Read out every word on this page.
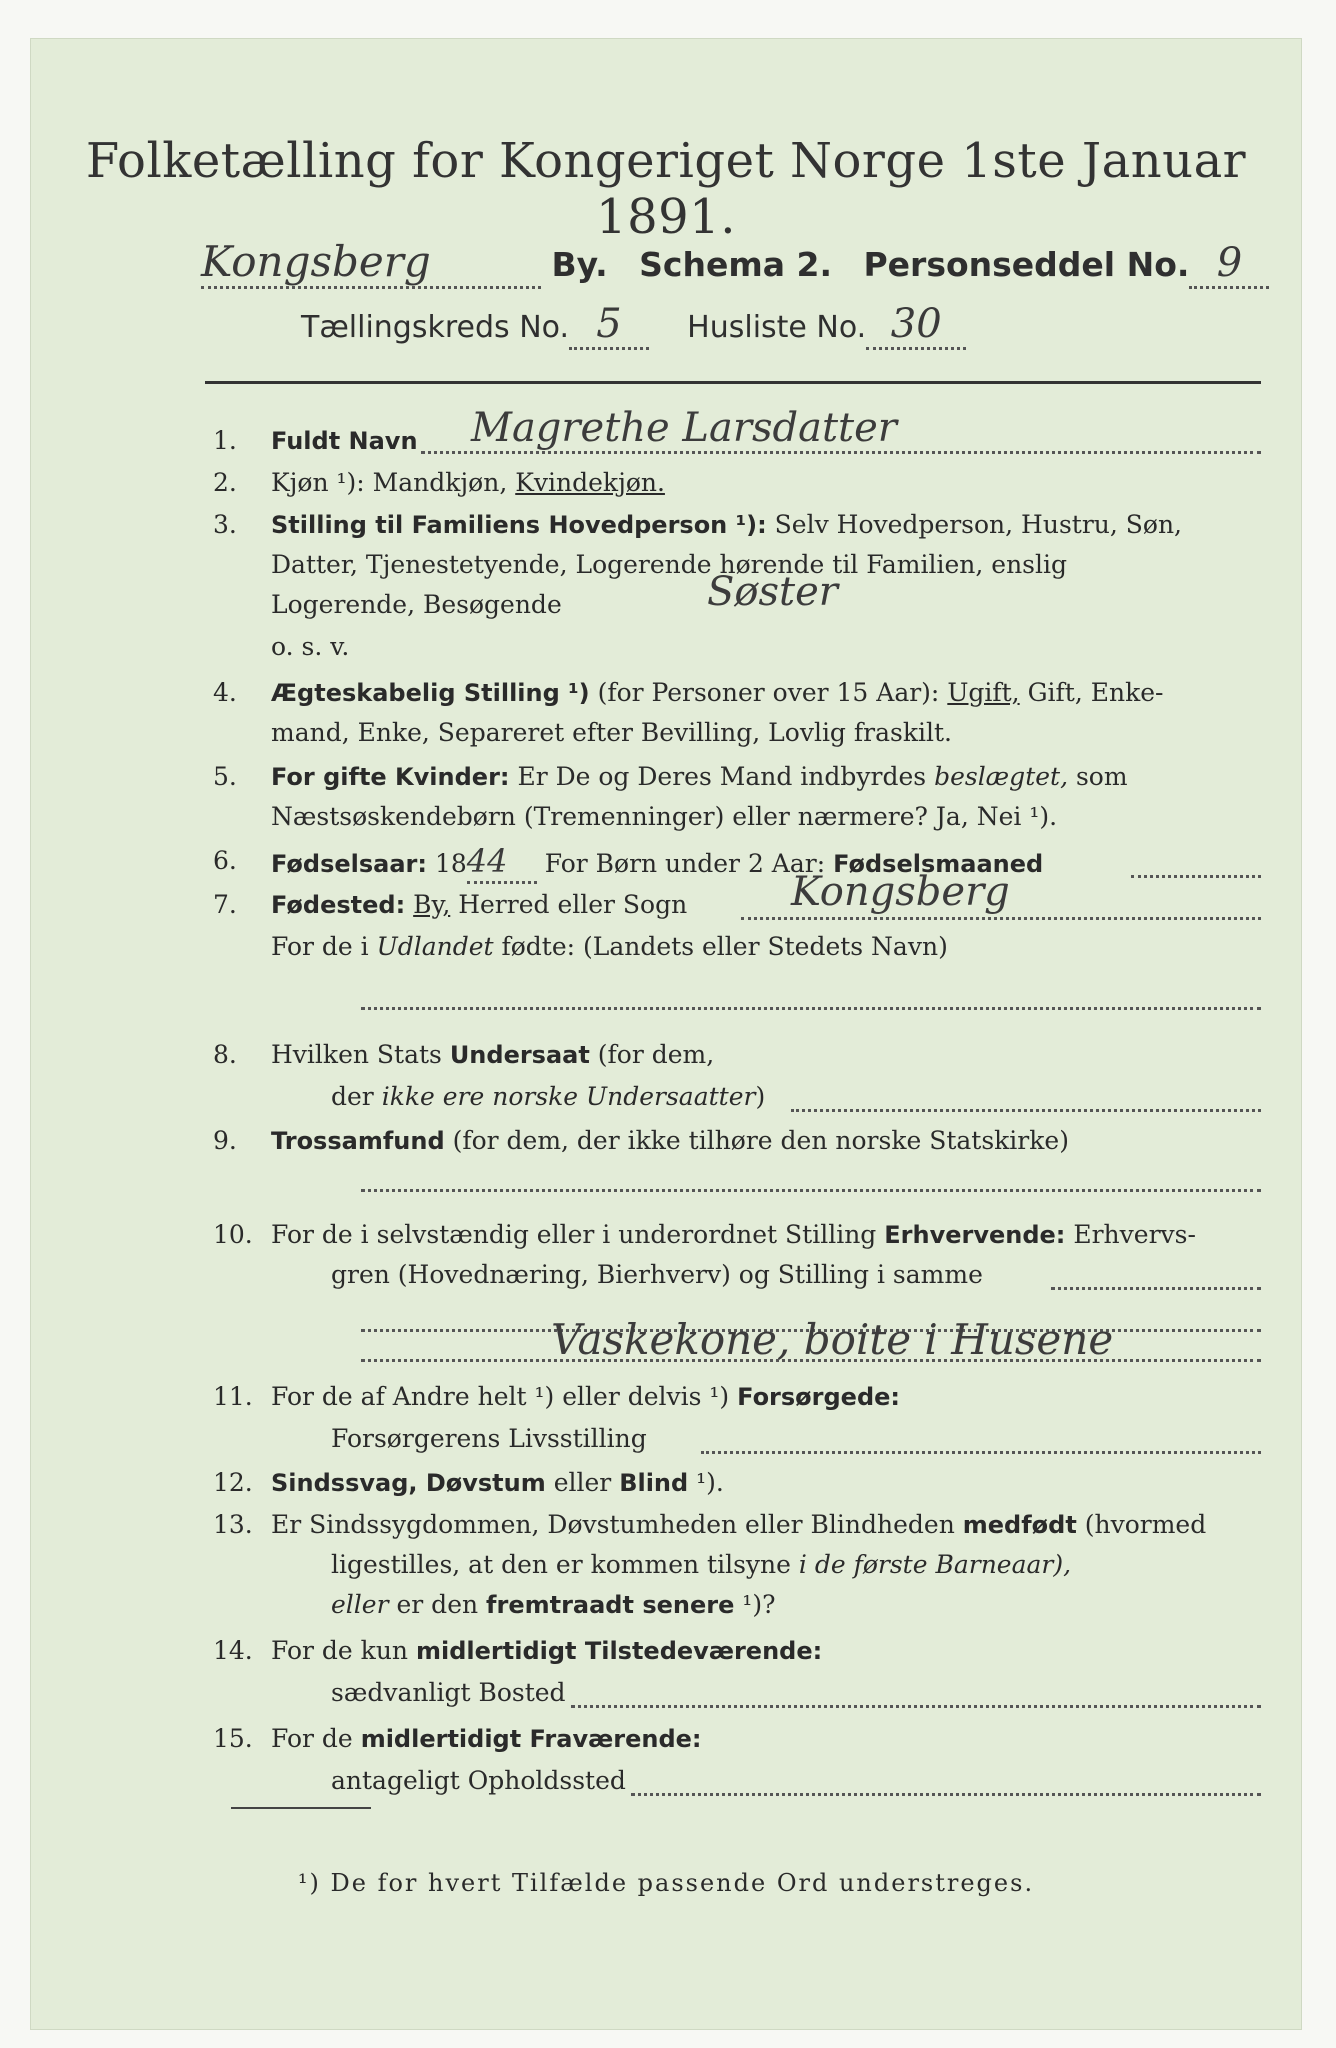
Folketælling for Kongeriget Norge 1ste Januar 1891.
Kongsberg	By. Schema 2. Personseddel No. 9
Tællingskreds No. 5 Husliste No. 30
1.	Fuldt Navn	Magrethe Larsdatter
2.	Kjøn ¹): Mandkjøn, Kvindekjøn.
3.	Stilling til Familiens Hovedperson ¹): Selv Hovedperson, Hustru, Søn,
Datter, Tjenestetyende, Logerende hørende til Familien, enslig
Logerende, Besøgende	Søster
o. s. v.
4.	Ægteskabelig Stilling ¹) (for Personer over 15 Aar): Ugift, Gift, Enke-
mand, Enke, Separeret efter Bevilling, Lovlig fraskilt.
5.	For gifte Kvinder: Er De og Deres Mand indbyrdes beslægtet, som
Næstsøskendebørn (Tremenninger) eller nærmere? Ja, Nei ¹).
6.	Fødselsaar: 1844 For Børn under 2 Aar: Fødselsmaaned
7.	Fødested: By, Herred eller Sogn	Kongsberg
For de i Udlandet fødte: (Landets eller Stedets Navn)
8.	Hvilken Stats Undersaat (for dem,
der ikke ere norske Undersaatter)
9.	Trossamfund (for dem, der ikke tilhøre den norske Statskirke)
10. For de i selvstændig eller i underordnet Stilling Erhvervende: Erhvervs-
gren (Hovednæring, Bierhverv) og Stilling i samme
Vaskekone, boite i Husene
11. For de af Andre helt ¹) eller delvis ¹) Forsørgede:
Forsørgerens Livsstilling
12. Sindssvag, Døvstum eller Blind ¹).
13. Er Sindssygdommen, Døvstumheden eller Blindheden medfødt (hvormed
ligestilles, at den er kommen tilsyne i de første Barneaar),
eller er den fremtraadt senere ¹)?
14. For de kun midlertidigt Tilstedeværende:
sædvanligt Bosted
15. For de midlertidigt Fraværende:
antageligt Opholdssted
¹) De for hvert Tilfælde passende Ord understreges.
